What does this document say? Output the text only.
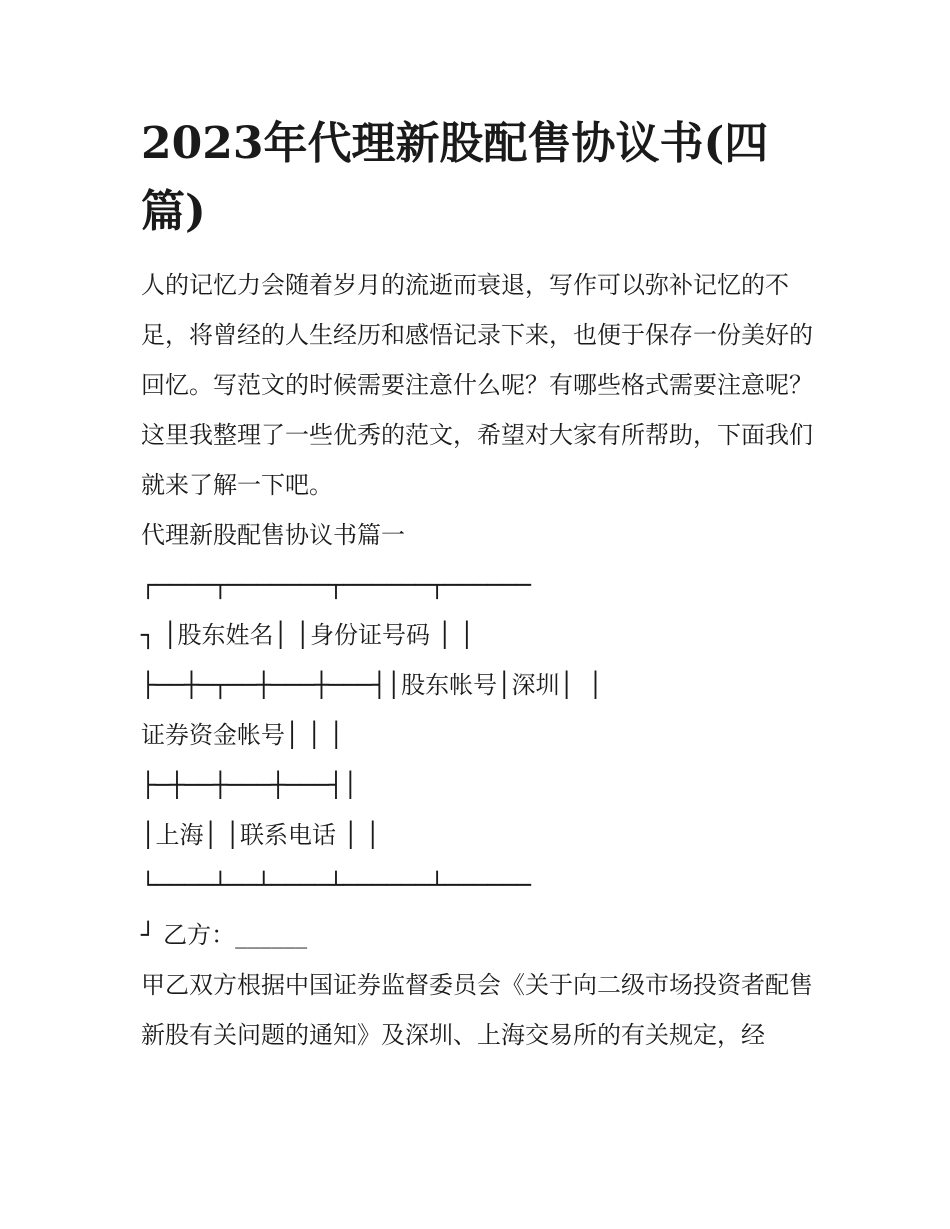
2023年代理新股配售协议书(四篇)

人的记忆力会随着岁月的流逝而衰退，写作可以弥补记忆的不足，将曾经的人生经历和感悟记录下来，也便于保存一份美好的回忆。写范文的时候需要注意什么呢？有哪些格式需要注意呢？这里我整理了一些优秀的范文，希望对大家有所帮助，下面我们就来了解一下吧。

代理新股配售协议书篇一

┌────┬───────┬──────┬──────
┐ │股东姓名│ │身份证号码 │ │
├──┼─┬──┼───┼───┤│股东帐号│深圳│ │
证券资金帐号│ │ │
├─┼──┼───┼───┤│
│上海│ │联系电话 │ │
└────┴──┴────┴──────┴──────
┘ 乙方：______

甲乙双方根据中国证券监督委员会《关于向二级市场投资者配售新股有关问题的通知》及深圳、上海交易所的有关规定，经
